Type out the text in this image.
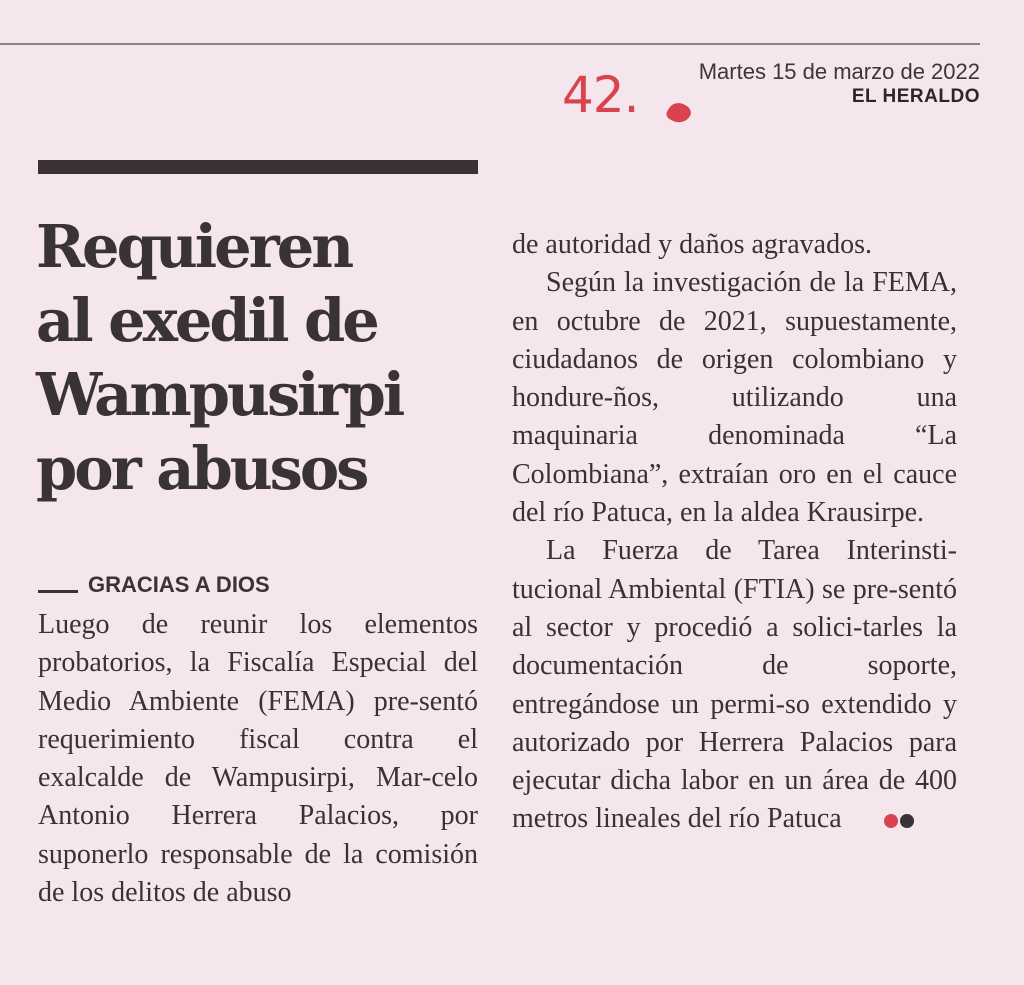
42.	Martes 15 de marzo de 2022
EL HERALDO
Requieren
al exedil de
Wampusirpi
por abusos
GRACIAS A DIOS

Luego de reunir los elementos probatorios, la Fiscalía Especial del Medio Ambiente (FEMA) pre-sentó requerimiento fiscal contra el exalcalde de Wampusirpi, Mar-celo Antonio Herrera Palacios, por suponerlo responsable de la comisión de los delitos de abuso

de autoridad y daños agravados.

Según la investigación de la FEMA, en octubre de 2021, supuestamente, ciudadanos de origen colombiano y hondure-ños, utilizando una maquinaria	denominada “La Colombiana”, extraían oro en el cauce del río Patuca, en la aldea Krausirpe.

La Fuerza de Tarea Interinsti-tucional Ambiental (FTIA) se pre-sentó al sector y procedió a solici-tarles la documentación de	soporte, entregándose un permi-so extendido y autorizado por Herrera Palacios para ejecutar dicha labor en un área de 400 metros lineales del río Patuca
